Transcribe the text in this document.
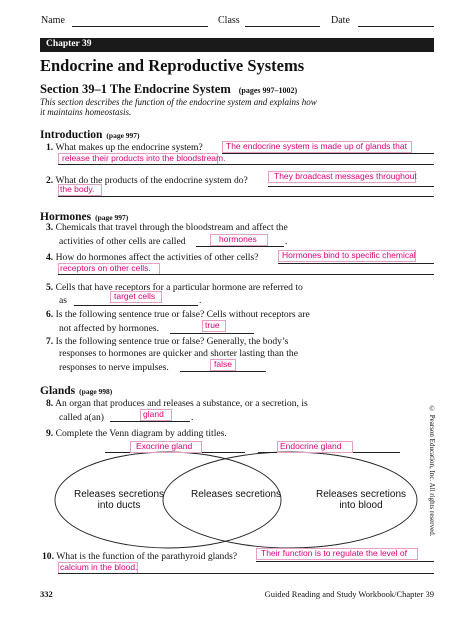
Name	Class	Date
Chapter 39
Endocrine and Reproductive Systems
Section 39–1 The Endocrine System (pages 997–1002)
This section describes the function of the endocrine system and explains how
it maintains homeostasis.
Introduction (page 997)
1. What makes up the endocrine system?	The endocrine system is made up of glands that
release their products into the bloodstream.
2. What do the products of the endocrine system do?	They broadcast messages throughout
the body.
Hormones (page 997)
3. Chemicals that travel through the bloodstream and affect the
activities of other cells are called	hormones	.
4. How do hormones affect the activities of other cells?	Hormones bind to specific chemical
receptors on other cells.
5. Cells that have receptors for a particular hormone are referred to
as	target cells	.
6. Is the following sentence true or false? Cells without receptors are
not affected by hormones.	true
7. Is the following sentence true or false? Generally, the body’s
responses to hormones are quicker and shorter lasting than the
responses to nerve impulses.	false
Glands (page 998)
8. An organ that produces and releases a substance, or a secretion, is
called a(an)	gland	.
9. Complete the Venn diagram by adding titles.
Exocrine gland	Endocrine gland
Releases secretions
into ducts
Releases secretions	Releases secretions
into blood
10. What is the function of the parathyroid glands?	Their function is to regulate the level of
calcium in the blood.
© Pearson Education, Inc. All rights reserved.
332	Guided Reading and Study Workbook/Chapter 39
